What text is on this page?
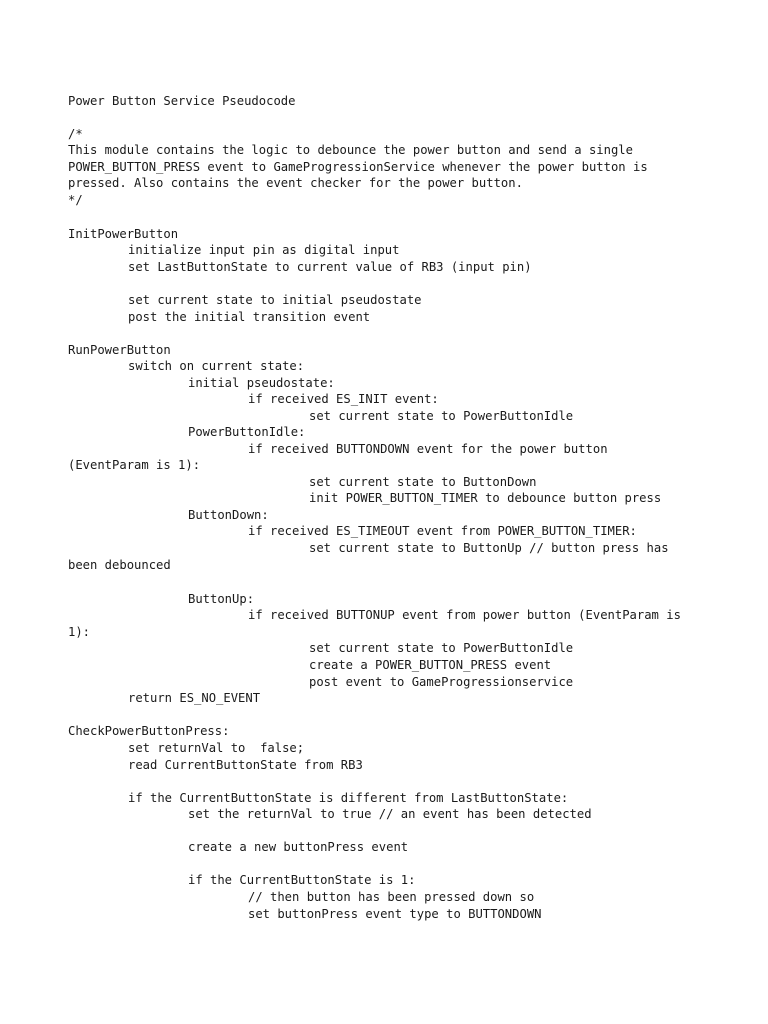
Power Button Service Pseudocode
/*
This module contains the logic to debounce the power button and send a single
POWER_BUTTON_PRESS event to GameProgressionService whenever the power button is
pressed. Also contains the event checker for the power button.
*/
InitPowerButton
initialize input pin as digital input
set LastButtonState to current value of RB3 (input pin)
set current state to initial pseudostate
post the initial transition event
RunPowerButton
switch on current state:
initial pseudostate:
if received ES_INIT event:
set current state to PowerButtonIdle
PowerButtonIdle:
if received BUTTONDOWN event for the power button
(EventParam is 1):
set current state to ButtonDown
init POWER_BUTTON_TIMER to debounce button press
ButtonDown:
if received ES_TIMEOUT event from POWER_BUTTON_TIMER:
set current state to ButtonUp // button press has
been debounced
ButtonUp:
if received BUTTONUP event from power button (EventParam is
1):
set current state to PowerButtonIdle
create a POWER_BUTTON_PRESS event
post event to GameProgressionservice
return ES_NO_EVENT
CheckPowerButtonPress:
set returnVal to  false;
read CurrentButtonState from RB3
if the CurrentButtonState is different from LastButtonState:
set the returnVal to true // an event has been detected
create a new buttonPress event
if the CurrentButtonState is 1:
// then button has been pressed down so
set buttonPress event type to BUTTONDOWN
